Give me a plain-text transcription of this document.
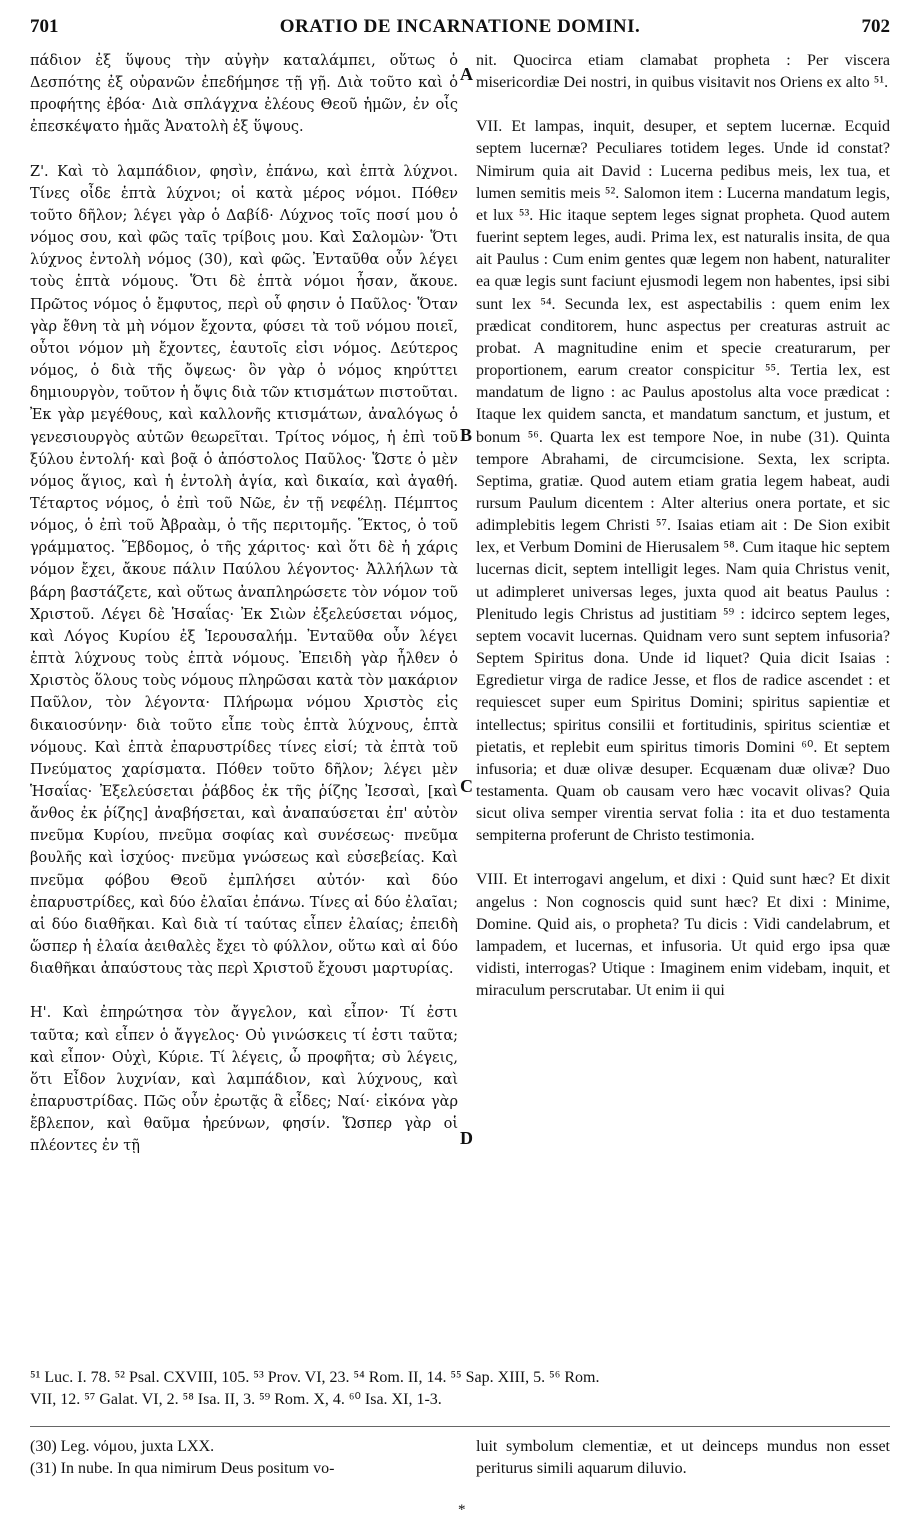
701	ORATIO DE INCARNATIONE DOMINI.	702

πάδιον ἐξ ὕψους τὴν αὐγὴν καταλάμπει, οὕτως ὁ Δεσπότης ἐξ οὐρανῶν ἐπεδήμησε τῇ γῇ. Διὰ τοῦτο καὶ ὁ προφήτης ἐβόα· Διὰ σπλάγχνα ἐλέους Θεοῦ ἡμῶν, ἐν οἷς ἐπεσκέψατο ἡμᾶς Ἀνατολὴ ἐξ ὕψους.

Ζ'. Καὶ τὸ λαμπάδιον, φησὶν, ἐπάνω, καὶ ἑπτὰ λύχνοι. Τίνες οἶδε ἑπτὰ λύχνοι; οἱ κατὰ μέρος νόμοι. Πόθεν τοῦτο δῆλον; λέγει γὰρ ὁ Δαβίδ· Λύχνος τοῖς ποσί μου ὁ νόμος σου, καὶ φῶς ταῖς τρίβοις μου. Καὶ Σαλομὼν· Ὅτι λύχνος ἐντολὴ νόμος (30), καὶ φῶς. Ἐνταῦθα οὖν λέγει τοὺς ἑπτὰ νόμους. Ὅτι δὲ ἑπτὰ νόμοι ἦσαν, ἄκουε. Πρῶτος νόμος ὁ ἔμφυτος, περὶ οὗ φησιν ὁ Παῦλος· Ὅταν γὰρ ἔθνη τὰ μὴ νόμον ἔχοντα, φύσει τὰ τοῦ νόμου ποιεῖ, οὗτοι νόμον μὴ ἔχοντες, ἑαυτοῖς εἰσι νόμος. Δεύτερος νόμος, ὁ διὰ τῆς ὄψεως· ὃν γὰρ ὁ νόμος κηρύττει δημιουργὸν, τοῦτον ἡ ὄψις διὰ τῶν κτισμάτων πιστοῦται. Ἐκ γὰρ μεγέθους, καὶ καλλονῆς κτισμάτων, ἀναλόγως ὁ γενεσιουργὸς αὐτῶν θεωρεῖται. Τρίτος νόμος, ἡ ἐπὶ τοῦ ξύλου ἐντολή· καὶ βοᾷ ὁ ἀπόστολος Παῦλος· Ὥστε ὁ μὲν νόμος ἅγιος, καὶ ἡ ἐντολὴ ἁγία, καὶ δικαία, καὶ ἀγαθή. Τέταρτος νόμος, ὁ ἐπὶ τοῦ Νῶε, ἐν τῇ νεφέλῃ. Πέμπτος νόμος, ὁ ἐπὶ τοῦ Ἀβραὰμ, ὁ τῆς περιτομῆς. Ἕκτος, ὁ τοῦ γράμματος. Ἕβδομος, ὁ τῆς χάριτος· καὶ ὅτι δὲ ἡ χάρις νόμον ἔχει, ἄκουε πάλιν Παύλου λέγοντος· Ἀλλήλων τὰ βάρη βαστάζετε, καὶ οὕτως ἀναπληρώσετε τὸν νόμον τοῦ Χριστοῦ. Λέγει δὲ Ἡσαΐας· Ἐκ Σιὼν ἐξελεύσεται νόμος, καὶ Λόγος Κυρίου ἐξ Ἱερουσαλήμ. Ἐνταῦθα οὖν λέγει ἑπτὰ λύχνους τοὺς ἑπτὰ νόμους. Ἐπειδὴ γὰρ ἦλθεν ὁ Χριστὸς ὅλους τοὺς νόμους πληρῶσαι κατὰ τὸν μακάριον Παῦλον, τὸν λέγοντα· Πλήρωμα νόμου Χριστὸς εἰς δικαιοσύνην· διὰ τοῦτο εἶπε τοὺς ἑπτὰ λύχνους, ἑπτὰ νόμους. Καὶ ἑπτὰ ἐπαρυστρίδες τίνες εἰσί; τὰ ἑπτὰ τοῦ Πνεύματος χαρίσματα. Πόθεν τοῦτο δῆλον; λέγει μὲν Ἡσαΐας· Ἐξελεύσεται ῥάβδος ἐκ τῆς ῥίζης Ἰεσσαὶ, [καὶ ἄνθος ἐκ ῥίζης] ἀναβήσεται, καὶ ἀναπαύσεται ἐπ' αὐτὸν πνεῦμα Κυρίου, πνεῦμα σοφίας καὶ συνέσεως· πνεῦμα βουλῆς καὶ ἰσχύος· πνεῦμα γνώσεως καὶ εὐσεβείας. Καὶ πνεῦμα φόβου Θεοῦ ἐμπλήσει αὐτόν· καὶ δύο ἐπαρυστρίδες, καὶ δύο ἐλαῖαι ἐπάνω. Τίνες αἱ δύο ἐλαῖαι; αἱ δύο διαθῆκαι. Καὶ διὰ τί ταύτας εἶπεν ἐλαίας; ἐπειδὴ ὥσπερ ἡ ἐλαία ἀειθαλὲς ἔχει τὸ φύλλον, οὕτω καὶ αἱ δύο διαθῆκαι ἀπαύστους τὰς περὶ Χριστοῦ ἔχουσι μαρτυρίας.

Η'. Καὶ ἐπηρώτησα τὸν ἄγγελον, καὶ εἶπον· Τί ἐστι ταῦτα; καὶ εἶπεν ὁ ἄγγελος· Οὐ γινώσκεις τί ἐστι ταῦτα; καὶ εἶπον· Οὐχὶ, Κύριε. Τί λέγεις, ὦ προφῆτα; σὺ λέγεις, ὅτι Εἶδον λυχνίαν, καὶ λαμπάδιον, καὶ λύχνους, καὶ ἐπαρυστρίδας. Πῶς οὖν ἐρωτᾷς ἃ εἶδες; Ναί· εἰκόνα γὰρ ἔβλεπον, καὶ θαῦμα ἠρεύνων, φησίν. Ὥσπερ γὰρ οἱ πλέοντες ἐν τῇ

A
B
C
D

nit. Quocirca etiam clamabat propheta : Per viscera misericordiæ Dei nostri, in quibus visitavit nos Oriens ex alto ⁵¹.

VII. Et lampas, inquit, desuper, et septem lucernæ. Ecquid septem lucernæ? Peculiares totidem leges. Unde id constat? Nimirum quia ait David : Lucerna pedibus meis, lex tua, et lumen semitis meis ⁵². Salomon item : Lucerna mandatum legis, et lux ⁵³. Hic itaque septem leges signat propheta. Quod autem fuerint septem leges, audi. Prima lex, est naturalis insita, de qua ait Paulus : Cum enim gentes quæ legem non habent, naturaliter ea quæ legis sunt faciunt ejusmodi legem non habentes, ipsi sibi sunt lex ⁵⁴. Secunda lex, est aspectabilis : quem enim lex prædicat conditorem, hunc aspectus per creaturas astruit ac probat. A magnitudine enim et specie creaturarum, per proportionem, earum creator conspicitur ⁵⁵. Tertia lex, est mandatum de ligno : ac Paulus apostolus alta voce prædicat : Itaque lex quidem sancta, et mandatum sanctum, et justum, et bonum ⁵⁶. Quarta lex est tempore Noe, in nube (31). Quinta tempore Abrahami, de circumcisione. Sexta, lex scripta. Septima, gratiæ. Quod autem etiam gratia legem habeat, audi rursum Paulum dicentem : Alter alterius onera portate, et sic adimplebitis legem Christi ⁵⁷. Isaias etiam ait : De Sion exibit lex, et Verbum Domini de Hierusalem ⁵⁸. Cum itaque hic septem lucernas dicit, septem intelligit leges. Nam quia Christus venit, ut adimpleret universas leges, juxta quod ait beatus Paulus : Plenitudo legis Christus ad justitiam ⁵⁹ : idcirco septem leges, septem vocavit lucernas. Quidnam vero sunt septem infusoria? Septem Spiritus dona. Unde id liquet? Quia dicit Isaias : Egredietur virga de radice Jesse, et flos de radice ascendet : et requiescet super eum Spiritus Domini; spiritus sapientiæ et intellectus; spiritus consilii et fortitudinis, spiritus scientiæ et pietatis, et replebit eum spiritus timoris Domini ⁶⁰. Et septem infusoria; et duæ olivæ desuper. Ecquænam duæ olivæ? Duo testamenta. Quam ob causam vero hæc vocavit olivas? Quia sicut oliva semper virentia servat folia : ita et duo testamenta sempiterna proferunt de Christo testimonia.

VIII. Et interrogavi angelum, et dixi : Quid sunt hæc? Et dixit angelus : Non cognoscis quid sunt hæc? Et dixi : Minime, Domine. Quid ais, o propheta? Tu dicis : Vidi candelabrum, et lampadem, et lucernas, et infusoria. Ut quid ergo ipsa quæ vidisti, interrogas? Utique : Imaginem enim videbam, inquit, et miraculum perscrutabar. Ut enim ii qui

⁵¹ Luc. I. 78. ⁵² Psal. CXVIII, 105. ⁵³ Prov. VI, 23. ⁵⁴ Rom. II, 14. ⁵⁵ Sap. XIII, 5. ⁵⁶ Rom.

VII, 12. ⁵⁷ Galat. VI, 2. ⁵⁸ Isa. II, 3. ⁵⁹ Rom. X, 4. ⁶⁰ Isa. XI, 1-3.

(30) Leg. νόμου, juxta LXX.

(31) In nube. In qua nimirum Deus positum vo-

luit symbolum clementiæ, et ut deinceps mundus non esset periturus simili aquarum diluvio.

*
